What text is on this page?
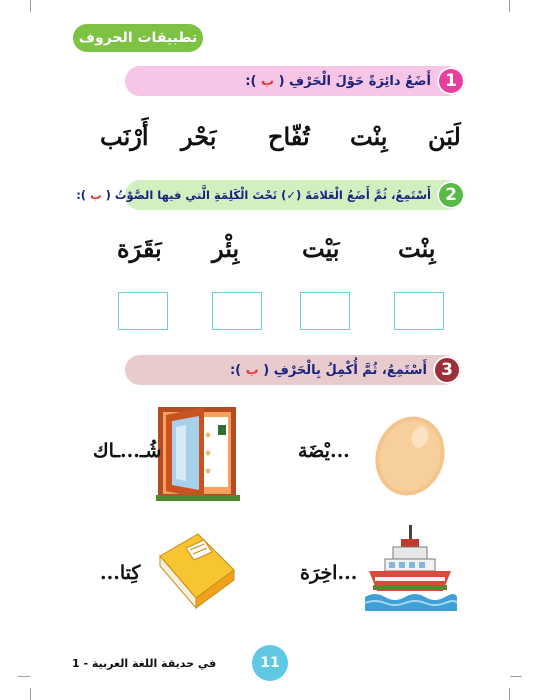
تطبيقات الحروف
1
أَضَعُ دائِرَةً حَوْلَ الْحَرْفِ ( ب ):
أَرْنَب بَحْر تُفّاح بِنْت لَبَن
2
أَسْتَمِعُ، ثُمَّ أَضَعُ الْعَلامَةَ (✓) تَحْتَ الْكَلِمَةِ الَّتي فيها الصَّوْتُ ( ب ):
بِنْت
بَيْت
بِئْر
بَقَرَة
3
أَسْتَمِعُ، ثُمَّ أُكْمِلُ بِالْحَرْفِ ( ب ):
...يْضَة
شُـ...ـاك
...اخِرَة
كِتا...
في حديقة اللغة العربية - 1	11
